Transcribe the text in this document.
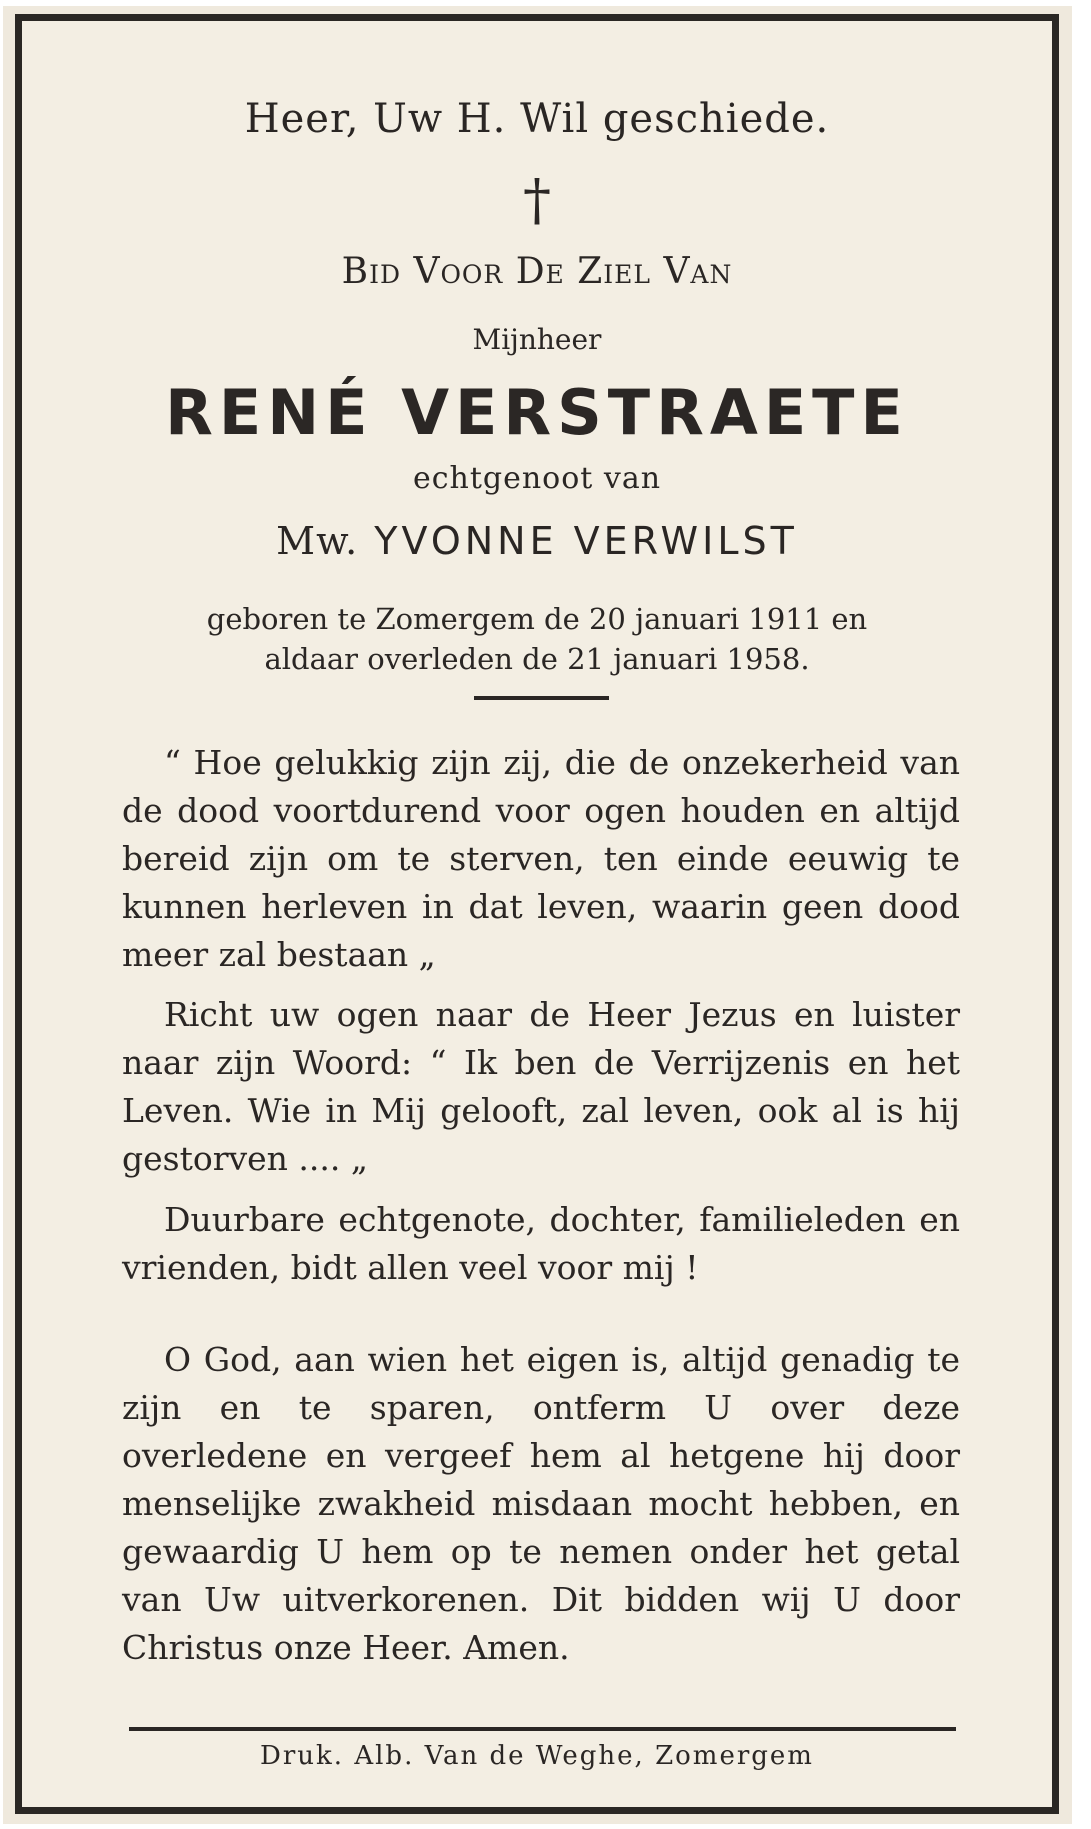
Heer, Uw H. Wil geschiede.
†
Bid Voor De Ziel Van
Mijnheer
RENÉ VERSTRAETE
echtgenoot van
Mw. YVONNE VERWILST
geboren te Zomergem de 20 januari 1911 en
aldaar overleden de 21 januari 1958.

“ Hoe gelukkig zijn zij, die de onzekerheid van de dood voortdurend voor ogen houden en altijd bereid zijn om te sterven, ten einde eeuwig te kunnen herleven in dat leven, waarin geen dood meer zal bestaan „

Richt uw ogen naar de Heer Jezus en luister naar zijn Woord: “ Ik ben de Verrijzenis en het Leven. Wie in Mij gelooft, zal leven, ook al is hij gestorven .... „

Duurbare echtgenote, dochter, familieleden en vrienden, bidt allen veel voor mij !

O God, aan wien het eigen is, altijd genadig te zijn en te sparen, ontferm U over deze overledene en vergeef hem al hetgene hij door menselijke zwakheid misdaan mocht hebben, en gewaardig U hem op te nemen onder het getal van Uw uitverkorenen. Dit bidden wij U door Christus onze Heer. Amen.

Druk. Alb. Van de Weghe, Zomergem
